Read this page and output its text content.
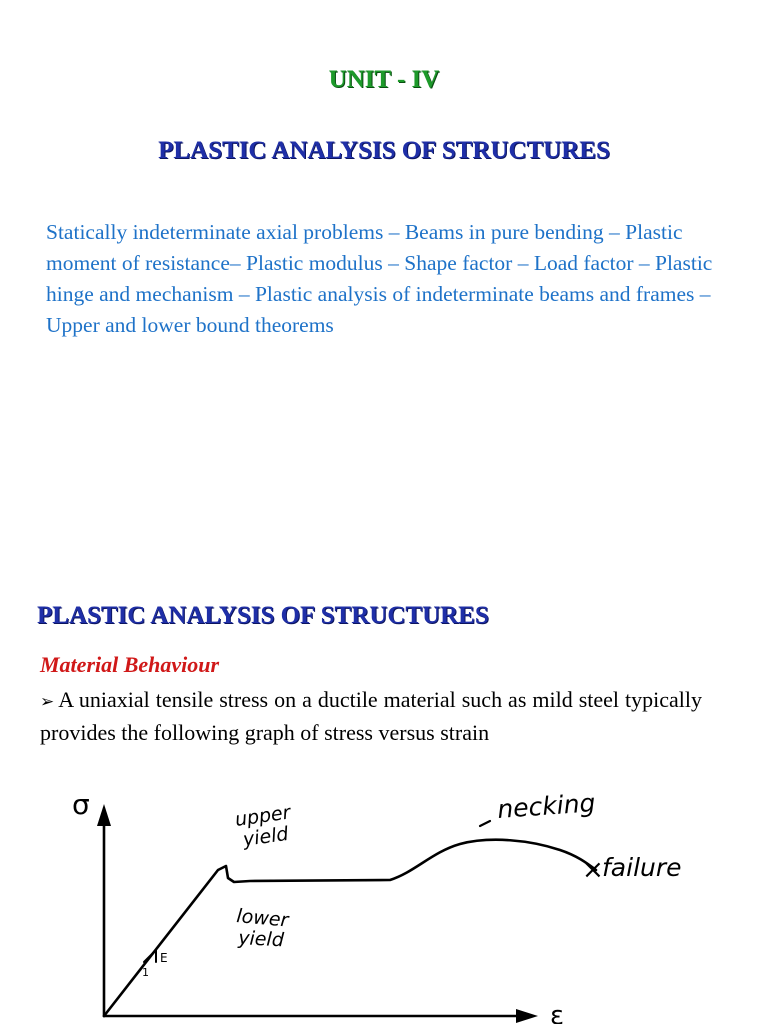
UNIT - IV
PLASTIC ANALYSIS OF STRUCTURES

Statically indeterminate axial problems – Beams in pure bending – Plastic moment of resistance– Plastic modulus – Shape factor – Load factor – Plastic hinge and mechanism – Plastic analysis of indeterminate beams and frames – Upper and lower bound theorems

PLASTIC ANALYSIS OF STRUCTURES
Material Behaviour

➢ A uniaxial tensile stress on a ductile material such as mild steel typically provides the following graph of stress versus strain

σ
ε
E
1
upper
yield
lower
yield
necking
×
failure
